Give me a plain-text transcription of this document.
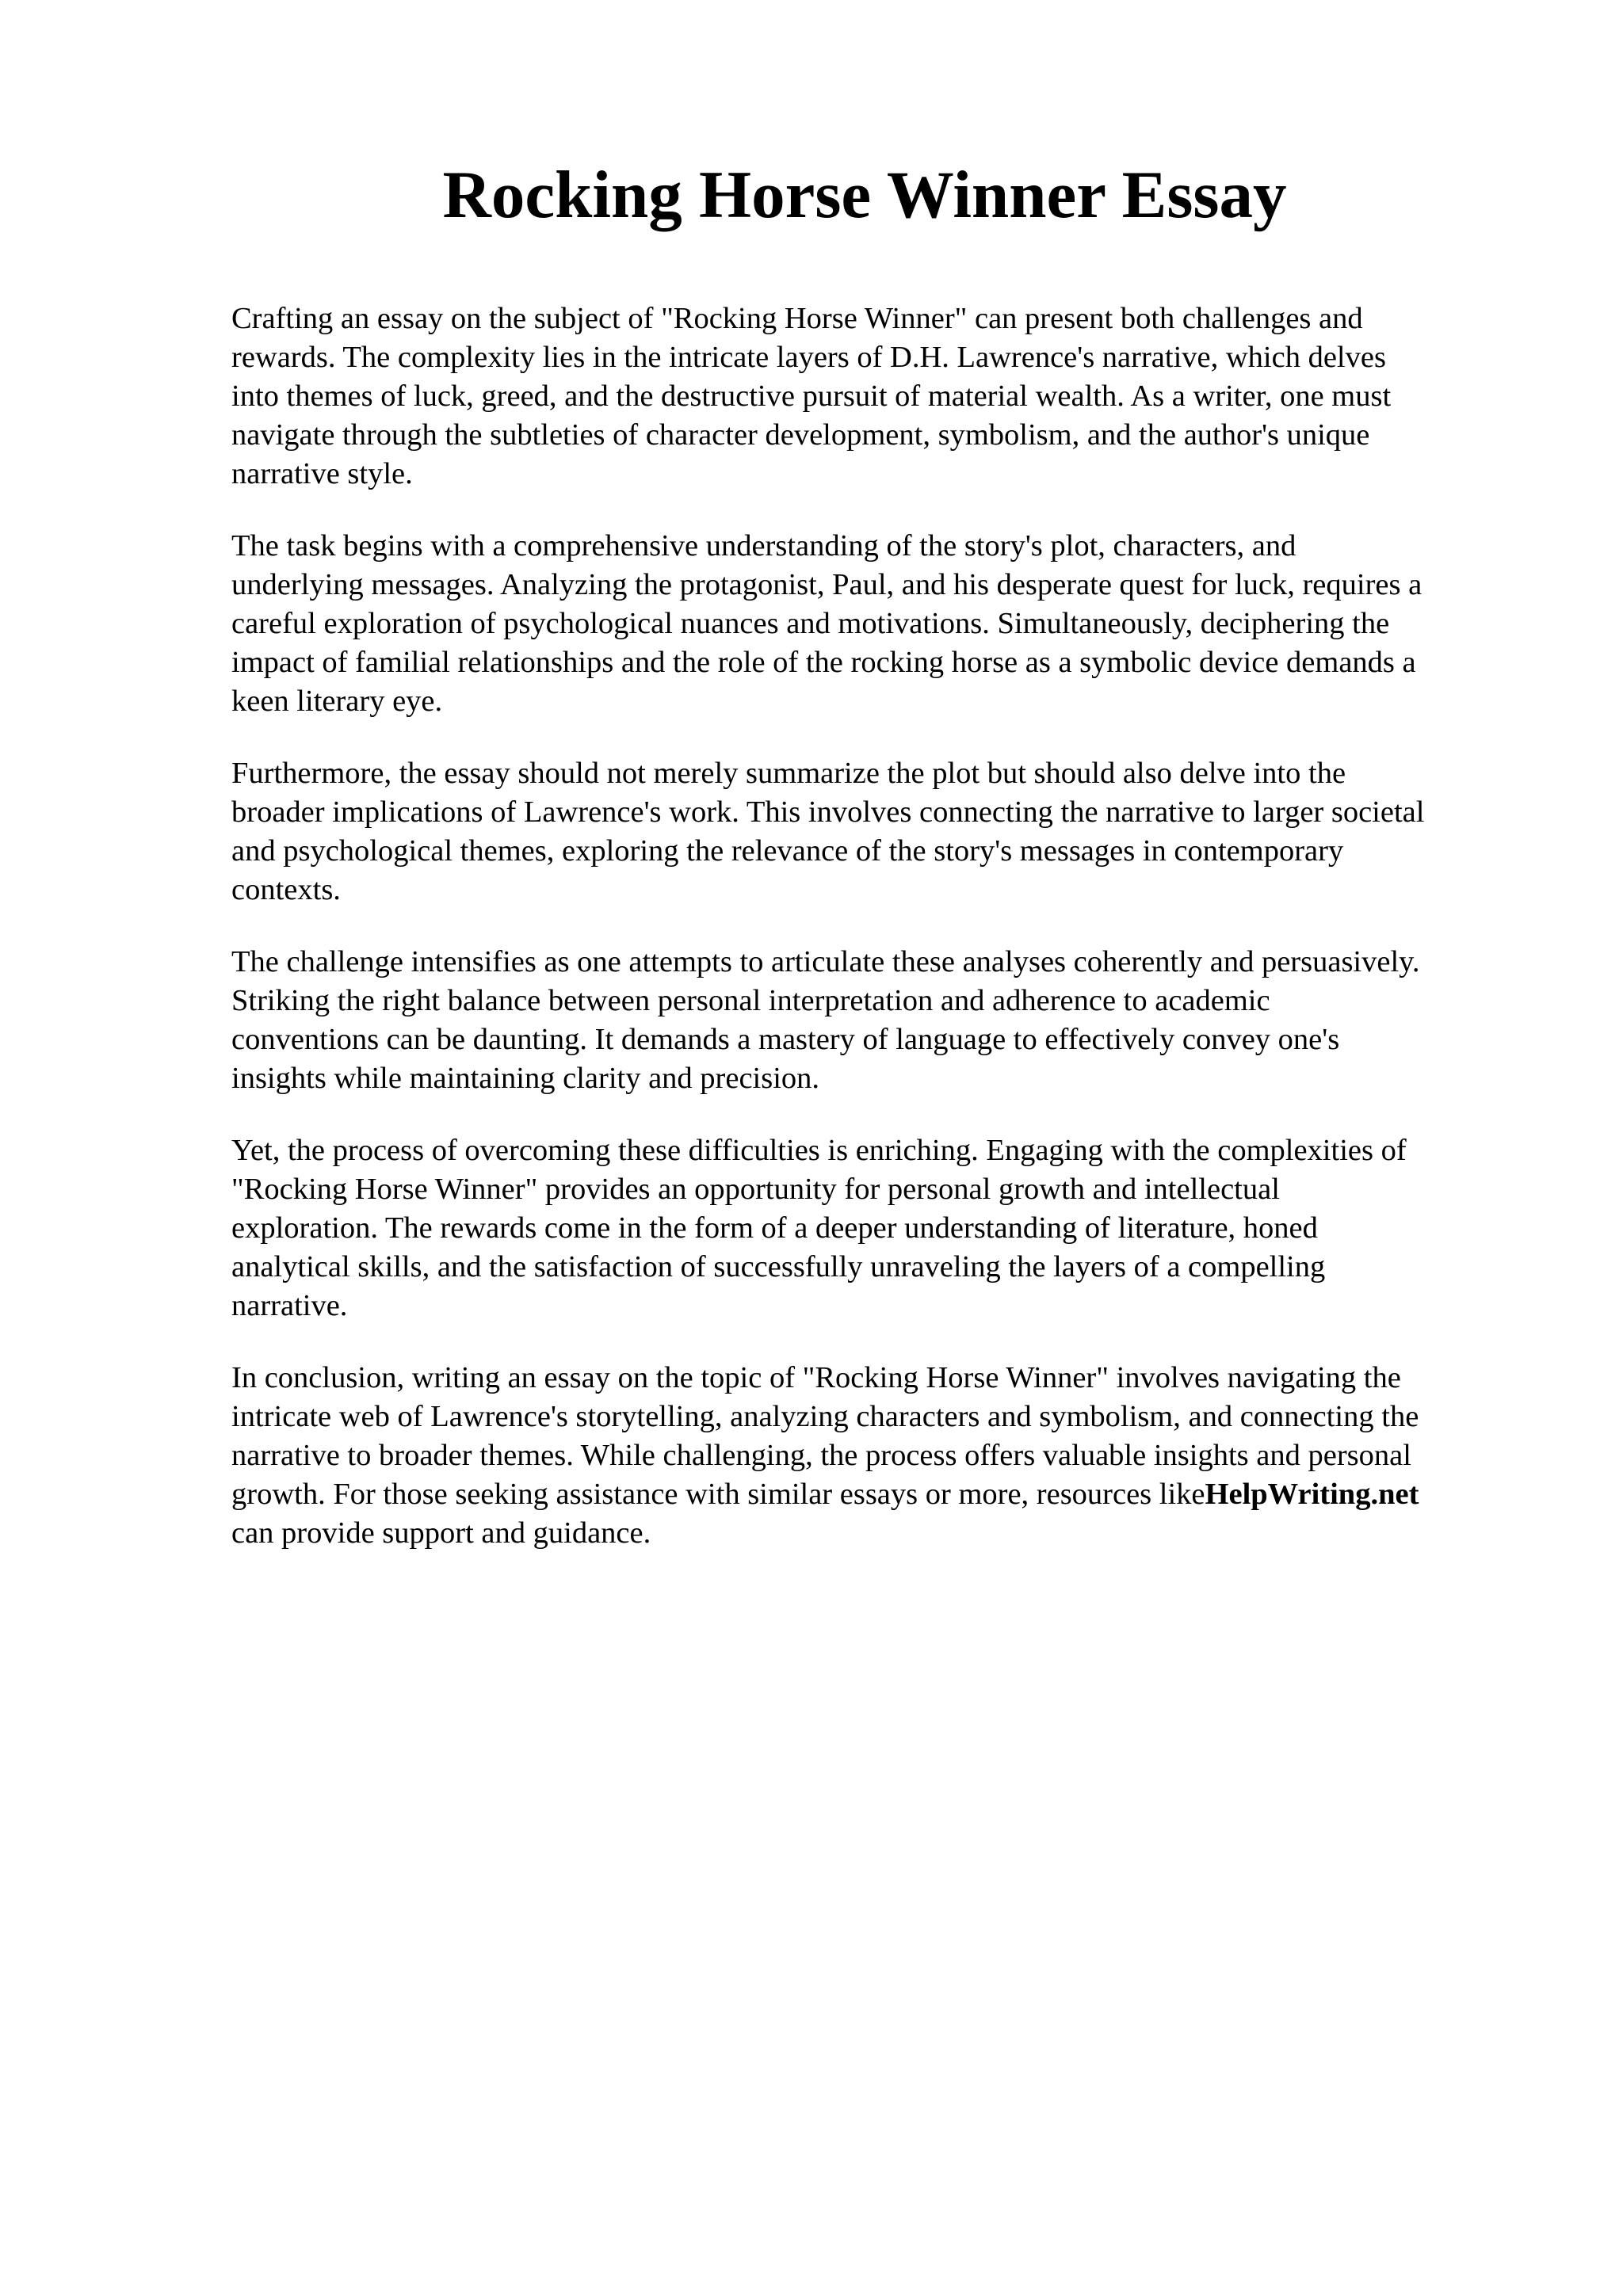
Rocking Horse Winner Essay

Crafting an essay on the subject of "Rocking Horse Winner" can present both challenges and
rewards. The complexity lies in the intricate layers of D.H. Lawrence's narrative, which delves
into themes of luck, greed, and the destructive pursuit of material wealth. As a writer, one must
navigate through the subtleties of character development, symbolism, and the author's unique
narrative style.

The task begins with a comprehensive understanding of the story's plot, characters, and
underlying messages. Analyzing the protagonist, Paul, and his desperate quest for luck, requires a
careful exploration of psychological nuances and motivations. Simultaneously, deciphering the
impact of familial relationships and the role of the rocking horse as a symbolic device demands a
keen literary eye.

Furthermore, the essay should not merely summarize the plot but should also delve into the
broader implications of Lawrence's work. This involves connecting the narrative to larger societal
and psychological themes, exploring the relevance of the story's messages in contemporary
contexts.

The challenge intensifies as one attempts to articulate these analyses coherently and persuasively.
Striking the right balance between personal interpretation and adherence to academic
conventions can be daunting. It demands a mastery of language to effectively convey one's
insights while maintaining clarity and precision.

Yet, the process of overcoming these difficulties is enriching. Engaging with the complexities of
"Rocking Horse Winner" provides an opportunity for personal growth and intellectual
exploration. The rewards come in the form of a deeper understanding of literature, honed
analytical skills, and the satisfaction of successfully unraveling the layers of a compelling
narrative.

In conclusion, writing an essay on the topic of "Rocking Horse Winner" involves navigating the
intricate web of Lawrence's storytelling, analyzing characters and symbolism, and connecting the
narrative to broader themes. While challenging, the process offers valuable insights and personal
growth. For those seeking assistance with similar essays or more, resources likeHelpWriting.net
can provide support and guidance.
